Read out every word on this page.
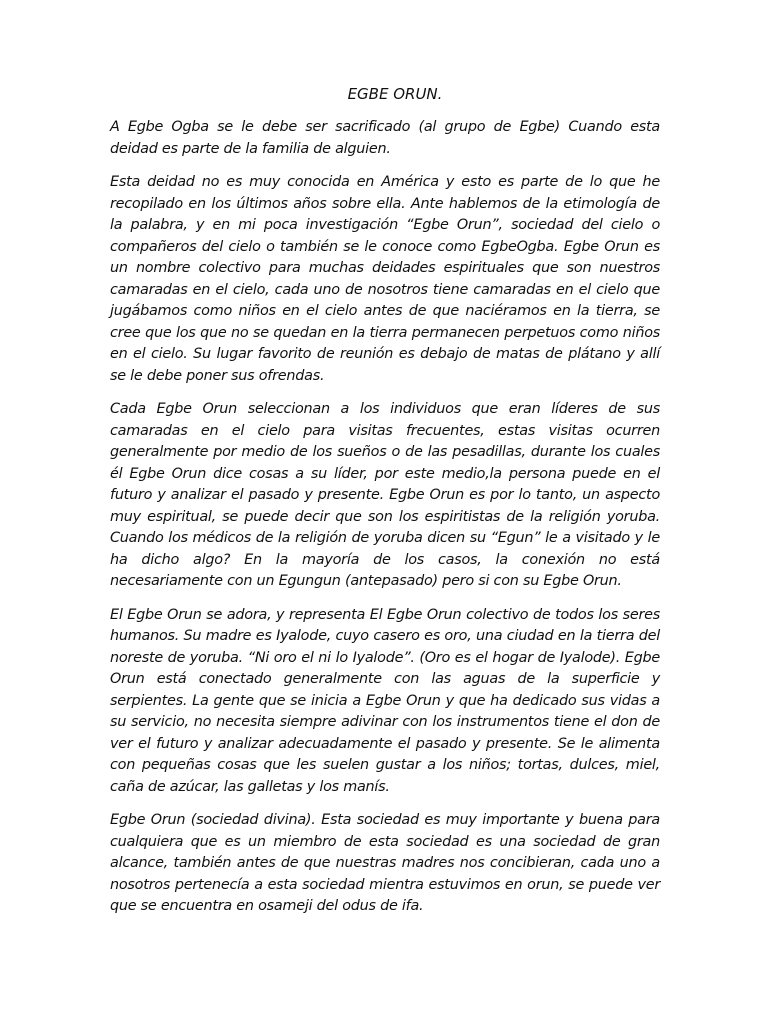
EGBE ORUN.

A Egbe Ogba se le debe ser sacrificado (al grupo de Egbe) Cuando esta deidad es parte de la familia de alguien.

Esta deidad no es muy conocida en América y esto es parte de lo que he recopilado en los últimos años sobre ella. Ante hablemos de la etimología de la palabra, y en mi poca investigación “Egbe Orun”, sociedad del cielo o compañeros del cielo o también se le conoce como EgbeOgba. Egbe Orun es un nombre colectivo para muchas deidades espirituales que son nuestros camaradas en el cielo, cada uno de nosotros tiene camaradas en el cielo que jugábamos como niños en el cielo antes de que naciéramos en la tierra, se cree que los que no se quedan en la tierra permanecen perpetuos como niños en el cielo. Su lugar favorito de reunión es debajo de matas de plátano y allí se le debe poner sus ofrendas.

Cada Egbe Orun seleccionan a los individuos que eran líderes de sus camaradas en el cielo para visitas frecuentes, estas visitas ocurren generalmente por medio de los sueños o de las pesadillas, durante los cuales él Egbe Orun dice cosas a su líder, por este medio,la persona puede en el futuro y analizar el pasado y presente. Egbe Orun es por lo tanto, un aspecto muy espiritual, se puede decir que son los espiritistas de la religión yoruba. Cuando los médicos de la religión de yoruba dicen su “Egun” le a visitado y le ha dicho algo? En la mayoría de los casos, la conexión no está necesariamente con un Egungun (antepasado) pero si con su Egbe Orun.

El Egbe Orun se adora, y representa El Egbe Orun colectivo de todos los seres humanos. Su madre es Iyalode, cuyo casero es oro, una ciudad en la tierra del noreste de yoruba. “Ni oro el ni lo Iyalode”. (Oro es el hogar de Iyalode). Egbe Orun está conectado generalmente con las aguas de la superficie y serpientes. La gente que se inicia a Egbe Orun y que ha dedicado sus vidas a su servicio, no necesita siempre adivinar con los instrumentos tiene el don de ver el futuro y analizar adecuadamente el pasado y presente. Se le alimenta con pequeñas cosas que les suelen gustar a los niños; tortas, dulces, miel, caña de azúcar, las galletas y los manís.

Egbe Orun (sociedad divina). Esta sociedad es muy importante y buena para cualquiera que es un miembro de esta sociedad es una sociedad de gran alcance, también antes de que nuestras madres nos concibieran, cada uno a nosotros pertenecía a esta sociedad mientra estuvimos en orun, se puede ver que se encuentra en osameji del odus de ifa.
